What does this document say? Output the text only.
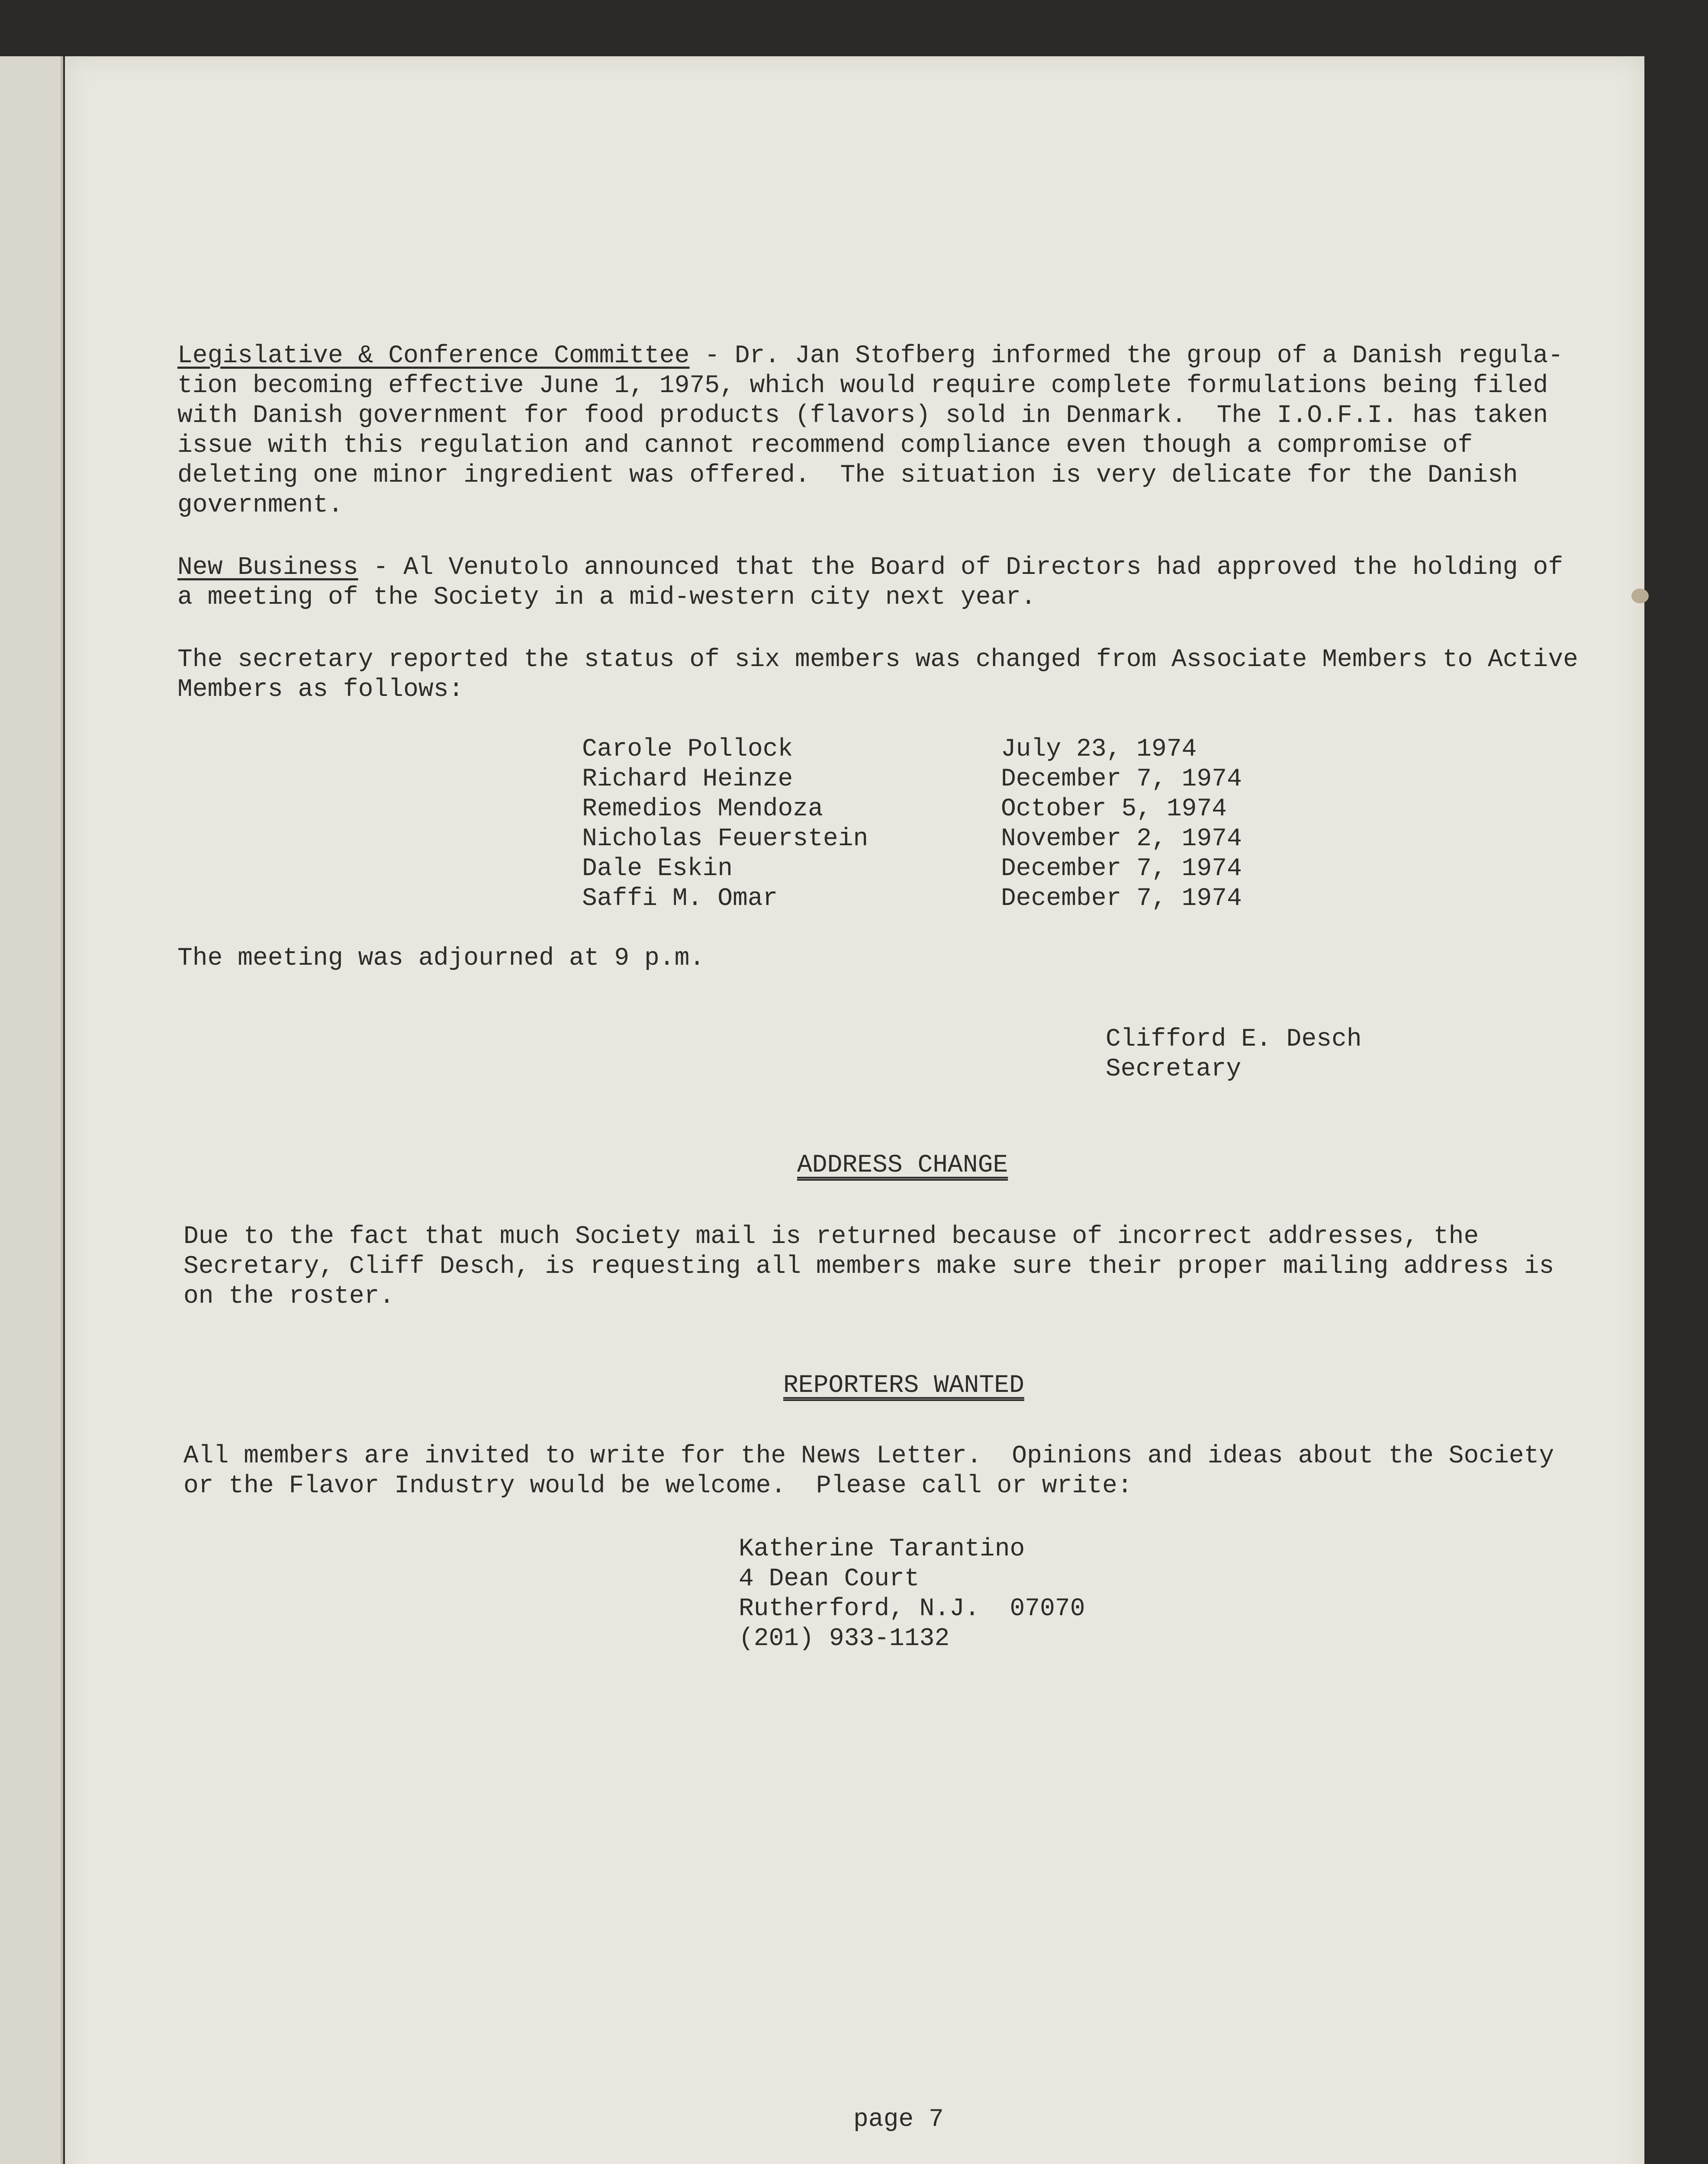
Legislative & Conference Committee - Dr. Jan Stofberg informed the group of a Danish regula-
tion becoming effective June 1, 1975, which would require complete formulations being filed
with Danish government for food products (flavors) sold in Denmark.  The I.O.F.I. has taken
issue with this regulation and cannot recommend compliance even though a compromise of
deleting one minor ingredient was offered.  The situation is very delicate for the Danish
government.
New Business - Al Venutolo announced that the Board of Directors had approved the holding of
a meeting of the Society in a mid-western city next year.
The secretary reported the status of six members was changed from Associate Members to Active
Members as follows:
Carole Pollock	July 23, 1974
Richard Heinze	December 7, 1974
Remedios Mendoza	October 5, 1974
Nicholas Feuerstein	November 2, 1974
Dale Eskin	December 7, 1974
Saffi M. Omar	December 7, 1974
The meeting was adjourned at 9 p.m.
Clifford E. Desch
Secretary
ADDRESS CHANGE
Due to the fact that much Society mail is returned because of incorrect addresses, the
Secretary, Cliff Desch, is requesting all members make sure their proper mailing address is
on the roster.
REPORTERS WANTED
All members are invited to write for the News Letter.  Opinions and ideas about the Society
or the Flavor Industry would be welcome.  Please call or write:
Katherine Tarantino
4 Dean Court
Rutherford, N.J.  07070
(201) 933-1132
page 7
